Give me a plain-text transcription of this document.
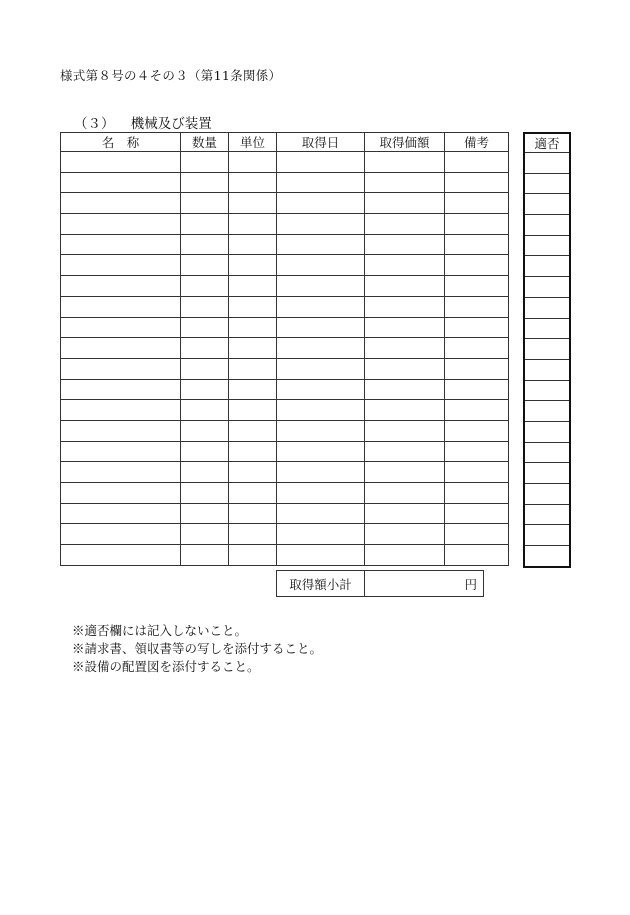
様式第８号の４その３（第11条関係）
（３） 機械及び装置
名　称	数量	単位	取得日	取得価額	備考

						適否

取得額小計	円
※適否欄には記入しないこと。
※請求書、領収書等の写しを添付すること。
※設備の配置図を添付すること。
